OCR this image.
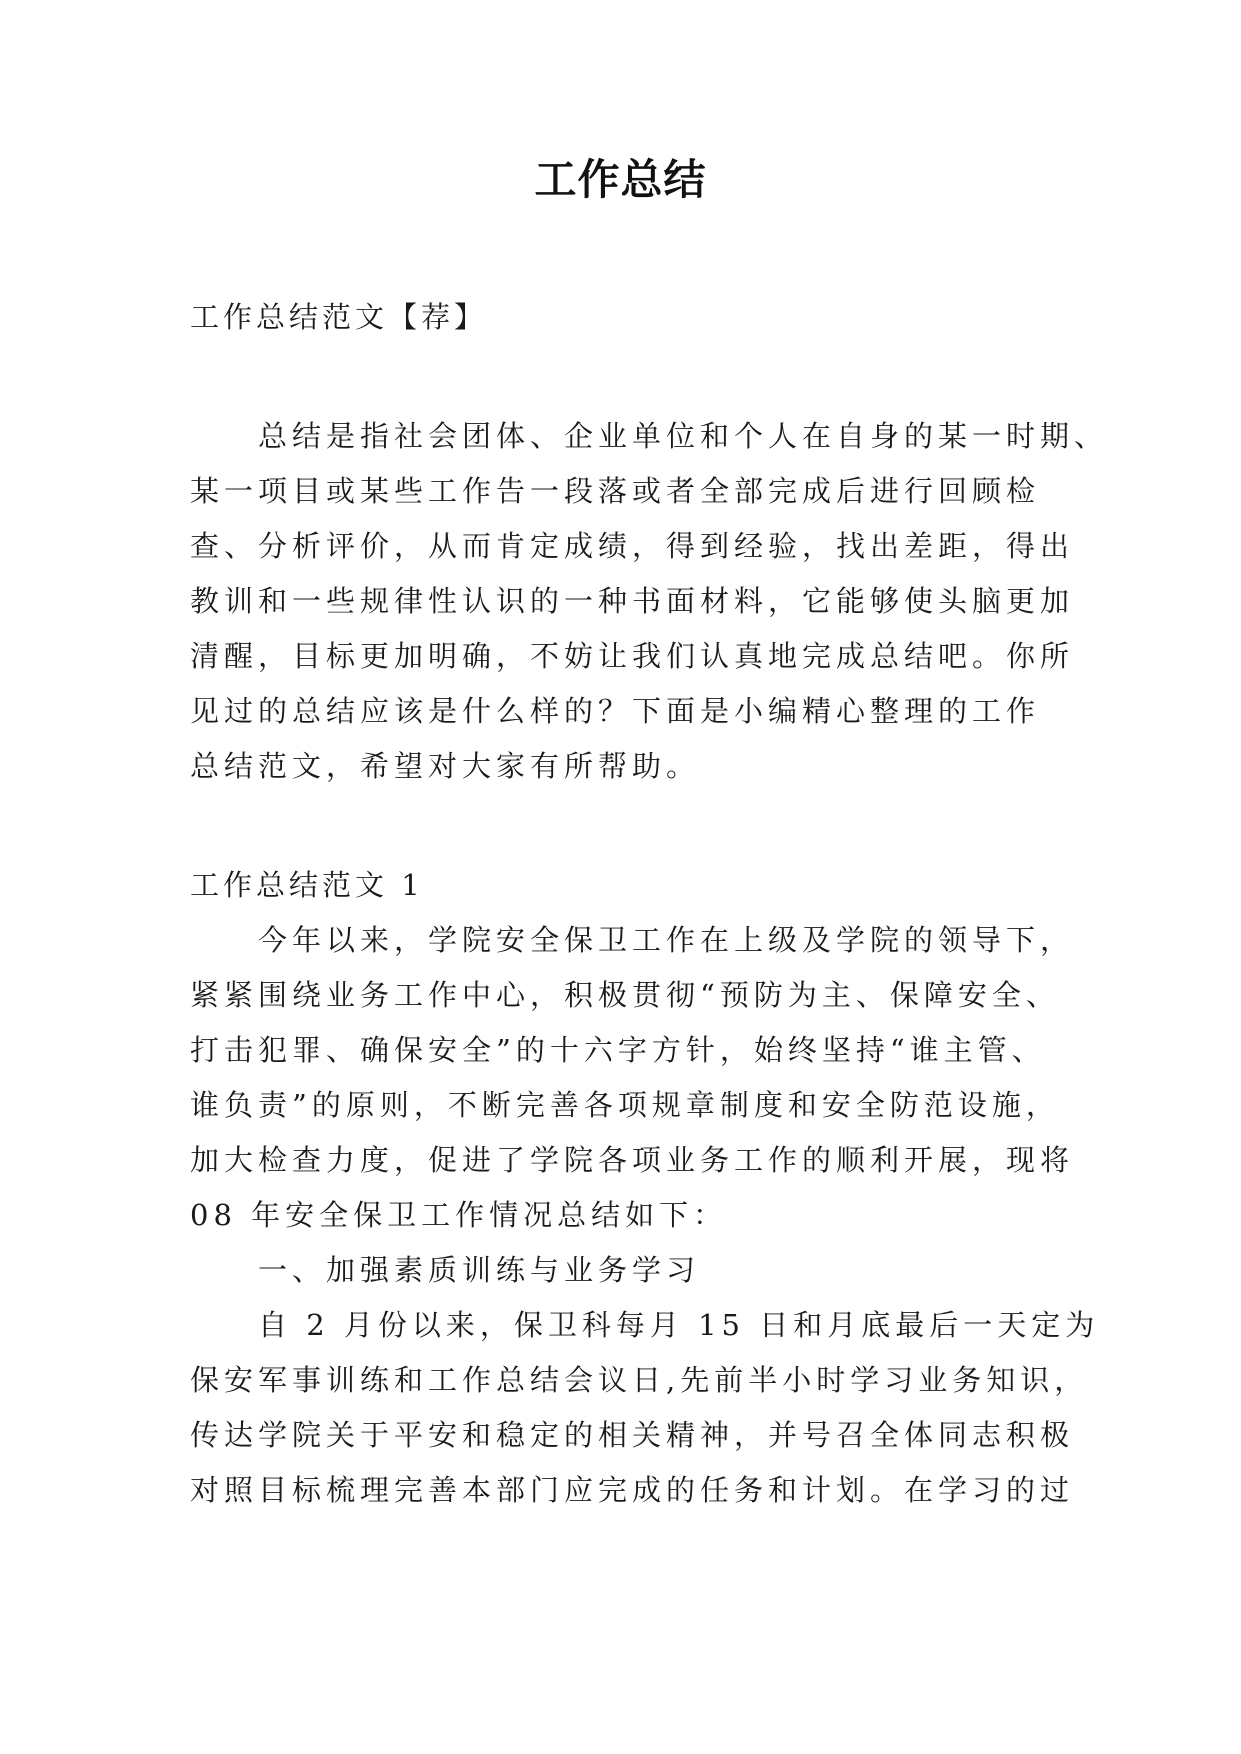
工作总结

工作总结范文【荐】

总结是指社会团体、企业单位和个人在自身的某一时期、
某一项目或某些工作告一段落或者全部完成后进行回顾检
查、分析评价，从而肯定成绩，得到经验，找出差距，得出
教训和一些规律性认识的一种书面材料，它能够使头脑更加
清醒，目标更加明确，不妨让我们认真地完成总结吧。你所
见过的总结应该是什么样的？下面是小编精心整理的工作
总结范文，希望对大家有所帮助。

工作总结范文 1

今年以来，学院安全保卫工作在上级及学院的领导下，
紧紧围绕业务工作中心，积极贯彻“预防为主、保障安全、
打击犯罪、确保安全”的十六字方针，始终坚持“谁主管、
谁负责”的原则，不断完善各项规章制度和安全防范设施，
加大检查力度，促进了学院各项业务工作的顺利开展，现将
08 年安全保卫工作情况总结如下：

一、加强素质训练与业务学习

自 2 月份以来，保卫科每月 15 日和月底最后一天定为
保安军事训练和工作总结会议日,先前半小时学习业务知识，
传达学院关于平安和稳定的相关精神，并号召全体同志积极
对照目标梳理完善本部门应完成的任务和计划。在学习的过
